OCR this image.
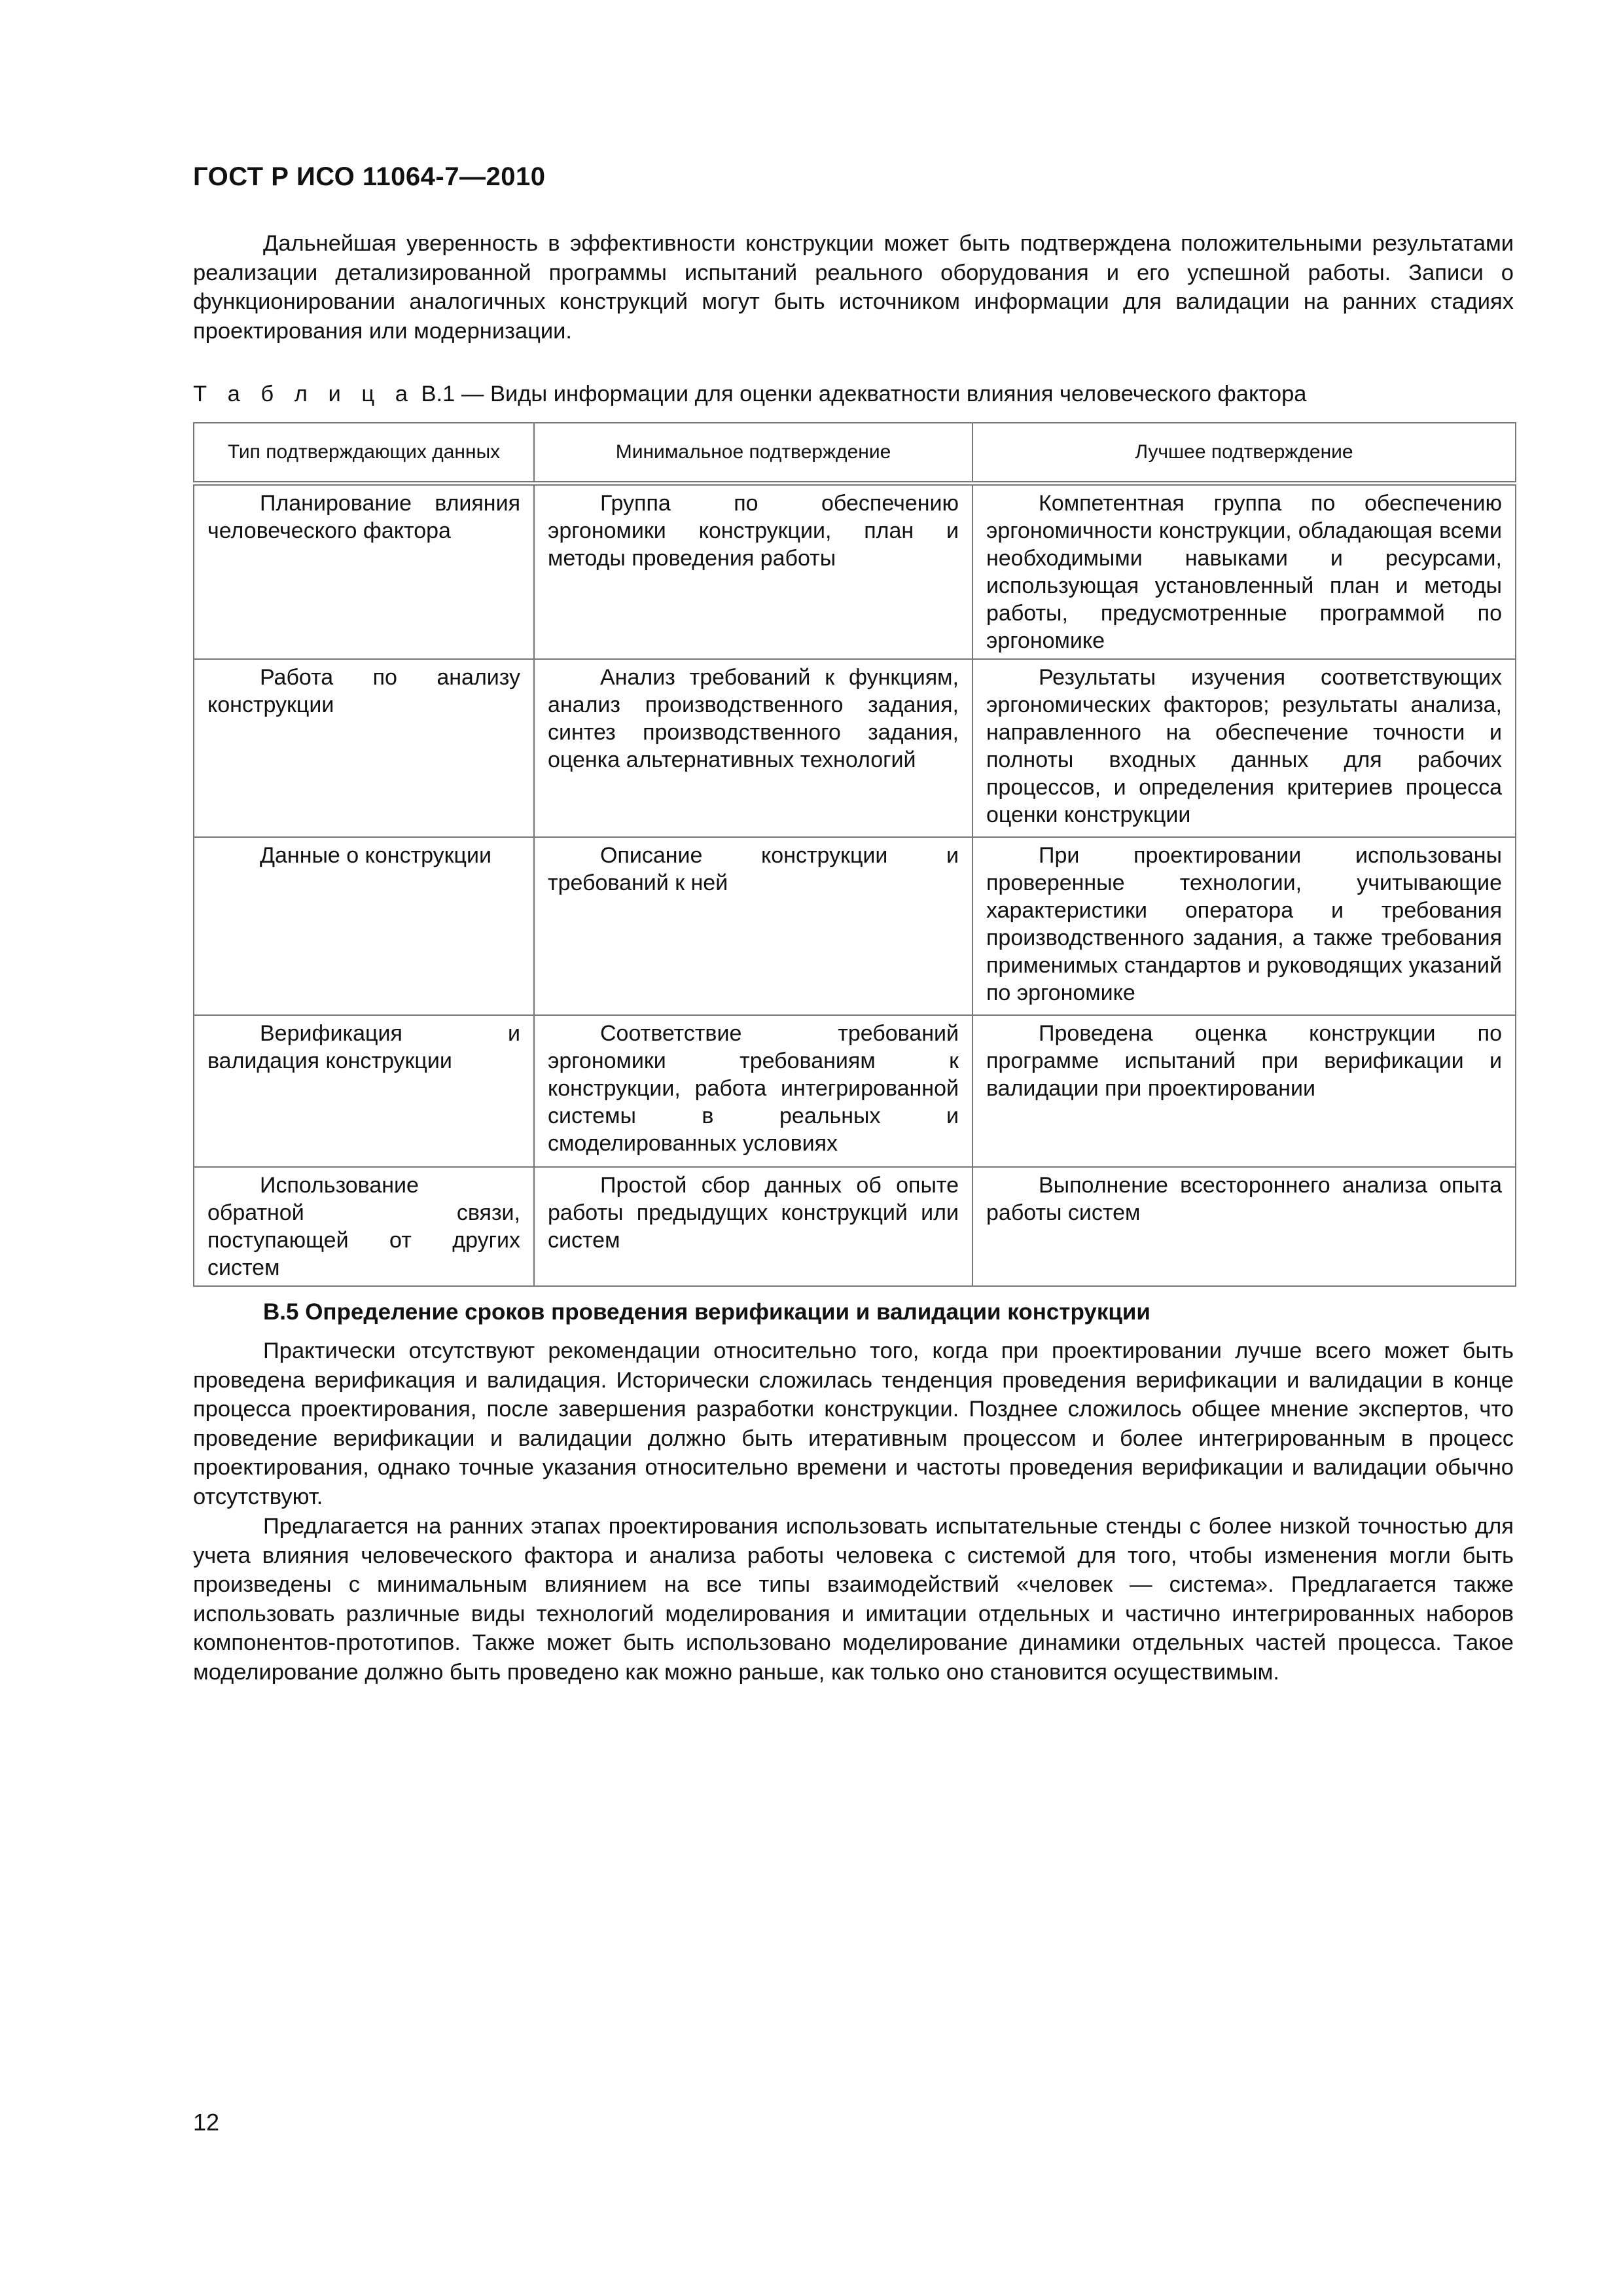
ГОСТ Р ИСО 11064-7—2010

Дальнейшая уверенность в эффективности конструкции может быть подтверждена положительными результатами реализации детализированной программы испытаний реального оборудования и его успешной работы. Записи о функционировании аналогичных конструкций могут быть источником информации для валидации на ранних стадиях проектирования или модернизации.

Т а б л и ц а В.1 — Виды информации для оценки адекватности влияния человеческого фактора
Тип подтверждающих данных	Минимальное подтверждение	Лучшее подтверждение
Планирование влияния человеческого фактора	Группа по обеспечению эргономики конструкции, план и методы проведения работы	Компетентная группа по обеспечению эргономичности конструкции, обладающая всеми необходимыми навыками и ресурсами, использующая установленный план и методы работы, предусмотренные программой по эргономике
Работа по анализу конструкции	Анализ требований к функциям, анализ производственного задания, синтез производственного задания, оценка альтернативных технологий	Результаты изучения соответствующих эргономических факторов; результаты анализа, направленного на обеспечение точности и полноты входных данных для рабочих процессов, и определения критериев процесса оценки конструкции
Данные о конструкции	Описание конструкции и требований к ней	При проектировании использованы проверенные технологии, учитывающие характеристики оператора и требования производственного задания, а также требования применимых стандартов и руководящих указаний по эргономике
Верификация и валидация конструкции	Соответствие требований эргономики требованиям к конструкции, работа интегрированной системы в реальных и смоделированных условиях	Проведена оценка конструкции по программе испытаний при верификации и валидации при проектировании
Использование обратной связи, поступающей от других систем	Простой сбор данных об опыте работы предыдущих конструкций или систем	Выполнение всестороннего анализа опыта работы систем
В.5 Определение сроков проведения верификации и валидации конструкции

Практически отсутствуют рекомендации относительно того, когда при проектировании лучше всего может быть проведена верификация и валидация. Исторически сложилась тенденция проведения верификации и валидации в конце процесса проектирования, после завершения разработки конструкции. Позднее сложилось общее мнение экспертов, что проведение верификации и валидации должно быть итеративным процессом и более интегрированным в процесс проектирования, однако точные указания относительно времени и частоты проведения верификации и валидации обычно отсутствуют.

Предлагается на ранних этапах проектирования использовать испытательные стенды с более низкой точностью для учета влияния человеческого фактора и анализа работы человека с системой для того, чтобы изменения могли быть произведены с минимальным влиянием на все типы взаимодействий «человек — система». Предлагается также использовать различные виды технологий моделирования и имитации отдельных и частично интегрированных наборов компонентов-прототипов. Также может быть использовано моделирование динамики отдельных частей процесса. Такое моделирование должно быть проведено как можно раньше, как только оно становится осуществимым.

12
